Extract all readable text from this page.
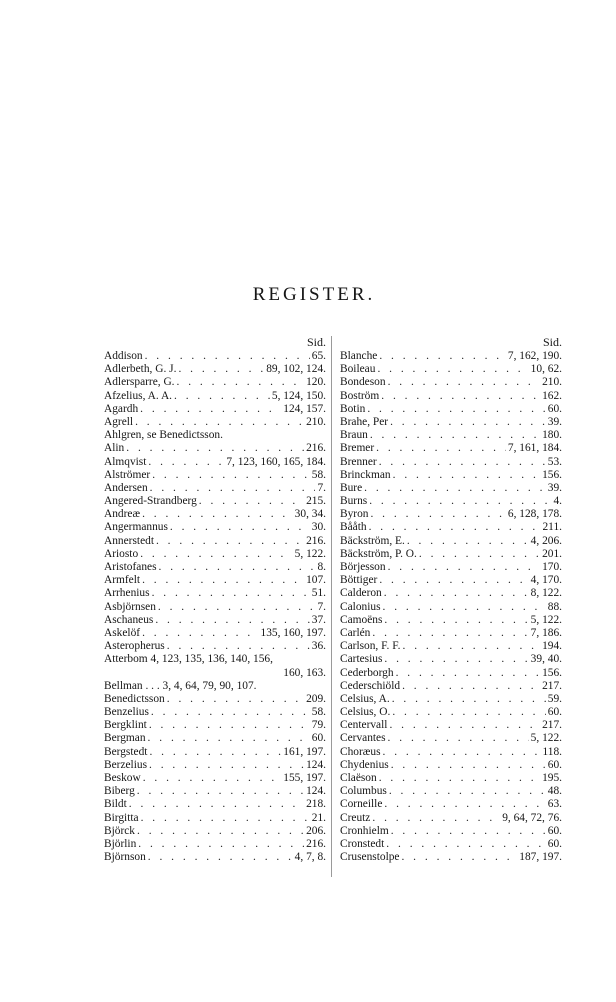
REGISTER.
Sid.
Addison . . .	65.
Adlerbeth, G. J. . . .	89, 102, 124.
Adlersparre, G. . . .	120.
Afzelius, A. A. . . .	5, 124, 150.
Agardh . . .	124, 157.
Agrell . . .	210.
Ahlgren, se Benedictsson.
Alin . . .	216.
Almqvist . . .	7, 123, 160, 165, 184.
Alströmer . . .	58.
Andersen . . .	7.
Angered-Strandberg . . .	215.
Andreæ . . .	30, 34.
Angermannus . . .	30.
Annerstedt . . .	216.
Ariosto . . .	5, 122.
Aristofanes . . .	8.
Armfelt . . .	107.
Arrhenius . . .	51.
Asbjörnsen . . .	7.
Aschaneus . . .	37.
Askelöf . . .	135, 160, 197.
Asteropherus . . .	36.
Atterbom 4, 123, 135, 136, 140, 156,
160, 163.
Bellman . . . 3, 4, 64, 79, 90, 107.
Benedictsson . . .	209.
Benzelius . . .	58.
Bergklint . . .	79.
Bergman . . .	60.
Bergstedt . . .	161, 197.
Berzelius . . .	124.
Beskow . . .	155, 197.
Biberg . . .	124.
Bildt . . .	218.
Birgitta . . .	21.
Björck . . .	206.
Björlin . . .	216.
Björnson . . .	4, 7, 8.
Sid.
Blanche . . .	7, 162, 190.
Boileau . . .	10, 62.
Bondeson . . .	210.
Boström . . .	162.
Botin . . .	60.
Brahe, Per . . .	39.
Braun . . .	180.
Bremer . . .	7, 161, 184.
Brenner . . .	53.
Brinckman . . .	156.
Bure . . .	39.
Burns . . .	4.
Byron . . .	6, 128, 178.
Bååth . . .	211.
Bäckström, E. . . .	4, 206.
Bäckström, P. O. . . .	201.
Börjesson . . .	170.
Böttiger . . .	4, 170.
Calderon . . .	8, 122.
Calonius . . .	88.
Camoëns . . .	5, 122.
Carlén . . .	7, 186.
Carlson, F. F. . . .	194.
Cartesius . . .	39, 40.
Cederborgh . . .	156.
Cederschiöld . . .	217.
Celsius, A. . . .	59.
Celsius, O. . . .	60.
Centervall . . .	217.
Cervantes . . .	5, 122.
Choræus . . .	118.
Chydenius . . .	60.
Claëson . . .	195.
Columbus . . .	48.
Corneille . . .	63.
Creutz . . .	9, 64, 72, 76.
Cronhielm . . .	60.
Cronstedt . . .	60.
Crusenstolpe . . .	187, 197.
